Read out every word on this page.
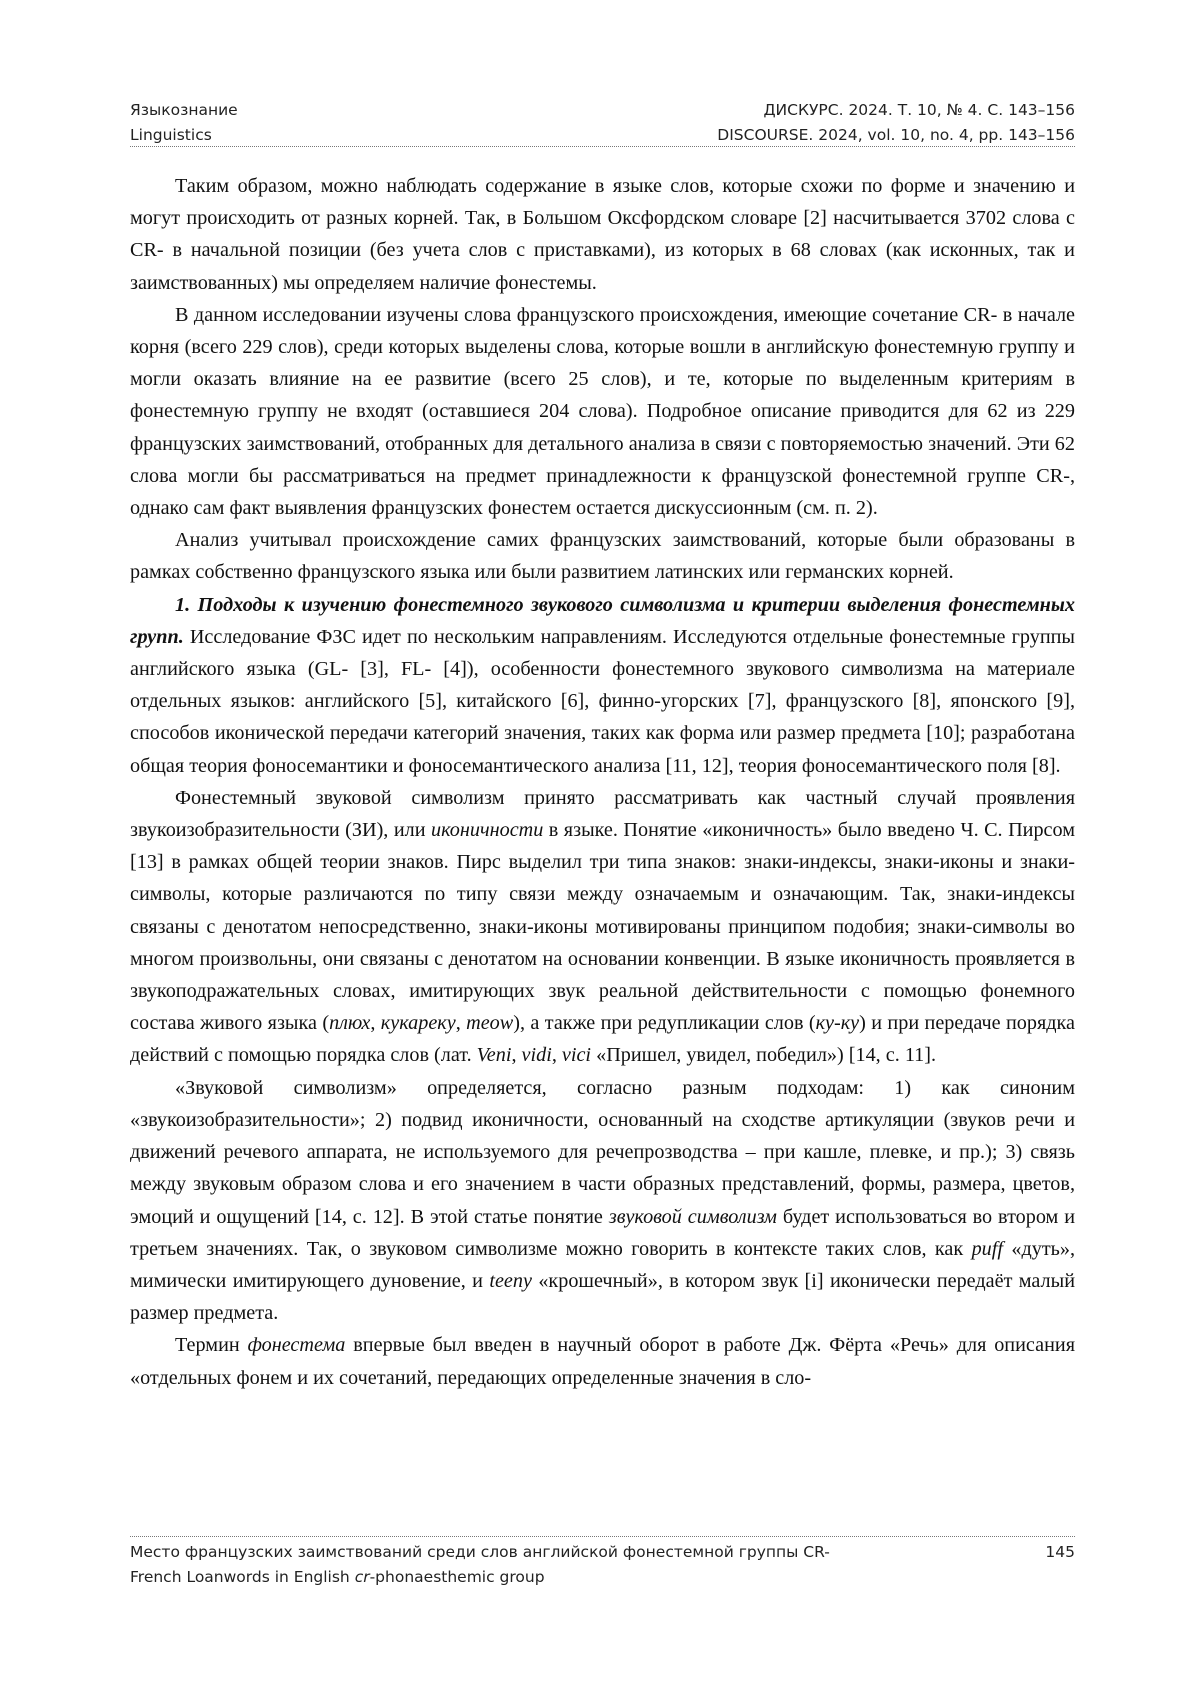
Языкознание	ДИСКУРС. 2024. Т. 10, № 4. С. 143–156
Linguistics	DISCOURSE. 2024, vol. 10, no. 4, pp. 143–156

Таким образом, можно наблюдать содержание в языке слов, которые схожи по форме и значению и могут происходить от разных корней. Так, в Большом Оксфордском словаре [2] насчитывается 3702 слова с CR- в начальной позиции (без учета слов с приставками), из которых в 68 словах (как исконных, так и заимствованных) мы определяем наличие фонестемы.

В данном исследовании изучены слова французского происхождения, имеющие сочетание CR- в начале корня (всего 229 слов), среди которых выделены слова, которые вошли в английскую фонестемную группу и могли оказать влияние на ее развитие (всего 25 слов), и те, которые по выделенным критериям в фонестемную группу не входят (оставшиеся 204 слова). Подробное описание приводится для 62 из 229 французских заимствований, отобранных для детального анализа в связи с повторяемостью значений. Эти 62 слова могли бы рассматриваться на предмет принадлежности к французской фонестемной группе CR-, однако сам факт выявления французских фонестем остается дискуссионным (см. п. 2).

Анализ учитывал происхождение самих французских заимствований, которые были образованы в рамках собственно французского языка или были развитием латинских или германских корней.

1. Подходы к изучению фонестемного звукового символизма и критерии выделения фонестемных групп. Исследование ФЗС идет по нескольким направлениям. Исследуются отдельные фонестемные группы английского языка (GL- [3], FL- [4]), особенности фонестемного звукового символизма на материале отдельных языков: английского [5], китайского [6], финно-угорских [7], французского [8], японского [9], способов иконической передачи категорий значения, таких как форма или размер предмета [10]; разработана общая теория фоносемантики и фоносемантического анализа [11, 12], теория фоносемантического поля [8].

Фонестемный звуковой символизм принято рассматривать как частный случай проявления звукоизобразительности (ЗИ), или иконичности в языке. Понятие «иконичность» было введено Ч. С. Пирсом [13] в рамках общей теории знаков. Пирс выделил три типа знаков: знаки-индексы, знаки-иконы и знаки-символы, которые различаются по типу связи между означаемым и означающим. Так, знаки-индексы связаны с денотатом непосредственно, знаки-иконы мотивированы принципом подобия; знаки-символы во многом произвольны, они связаны с денотатом на основании конвенции. В языке иконичность проявляется в звукоподражательных словах, имитирующих звук реальной действительности с помощью фонемного состава живого языка (плюх, кукареку, meow), а также при редупликации слов (ку-ку) и при передаче порядка действий с помощью порядка слов (лат. Veni, vidi, vici «Пришел, увидел, победил») [14, с. 11].

«Звуковой символизм» определяется, согласно разным подходам: 1) как синоним «звукоизобразительности»; 2) подвид иконичности, основанный на сходстве артикуляции (звуков речи и движений речевого аппарата, не используемого для речепрозводства – при кашле, плевке, и пр.); 3) связь между звуковым образом слова и его значением в части образных представлений, формы, размера, цветов, эмоций и ощущений [14, с. 12]. В этой статье понятие звуковой символизм будет использоваться во втором и третьем значениях. Так, о звуковом символизме можно говорить в контексте таких слов, как puff «дуть», мимически имитирующего дуновение, и teeny «крошечный», в котором звук [i] иконически передаёт малый размер предмета.

Термин фонестема впервые был введен в научный оборот в работе Дж. Фёрта «Речь» для описания «отдельных фонем и их сочетаний, передающих определенные значения в сло-

Место французских заимствований среди слов английской фонестемной группы CR-	145
French Loanwords in English cr-phonaesthemic group
